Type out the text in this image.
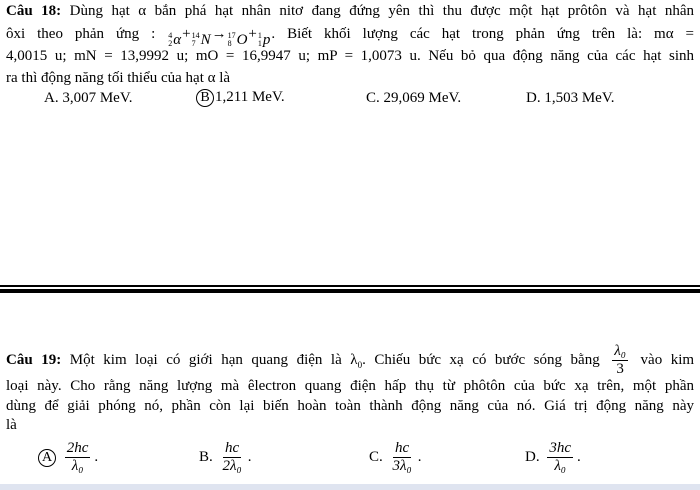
Câu 18: Dùng hạt α bắn phá hạt nhân nitơ đang đứng yên thì thu được một hạt prôtôn và hạt nhân
ôxi theo phản ứng : 4
2 α + 14
7 N → 17
8 O + 1
1 p . Biết khối lượng các hạt trong phản ứng trên là: mα =
4,0015 u; mN = 13,9992 u; mO = 16,9947 u; mP = 1,0073 u. Nếu bỏ qua động năng của các hạt sinh
ra thì động năng tối thiểu của hạt α là
A. 3,007 MeV.	B 1,211 MeV.	C. 29,069 MeV.	D. 1,503 MeV.
Câu 19: Một kim loại có giới hạn quang điện là $\lambda_0$. Chiếu bức xạ có bước sóng bằng $\frac{\text{λ₀}}{3}$ vào kim
loại này. Cho rằng năng lượng mà êlectron quang điện hấp thụ từ phôtôn của bức xạ trên, một phần
dùng để giải phóng nó, phần còn lại biến hoàn toàn thành động năng của nó. Giá trị động năng này
là
A $\frac{2hc}{\text{λ₀}}$ .	B. $\frac{hc}{\text{2λ₀}}$ .	C. $\frac{hc}{\text{3λ₀}}$ .	D. $\frac{3hc}{\text{λ₀}}$ .
